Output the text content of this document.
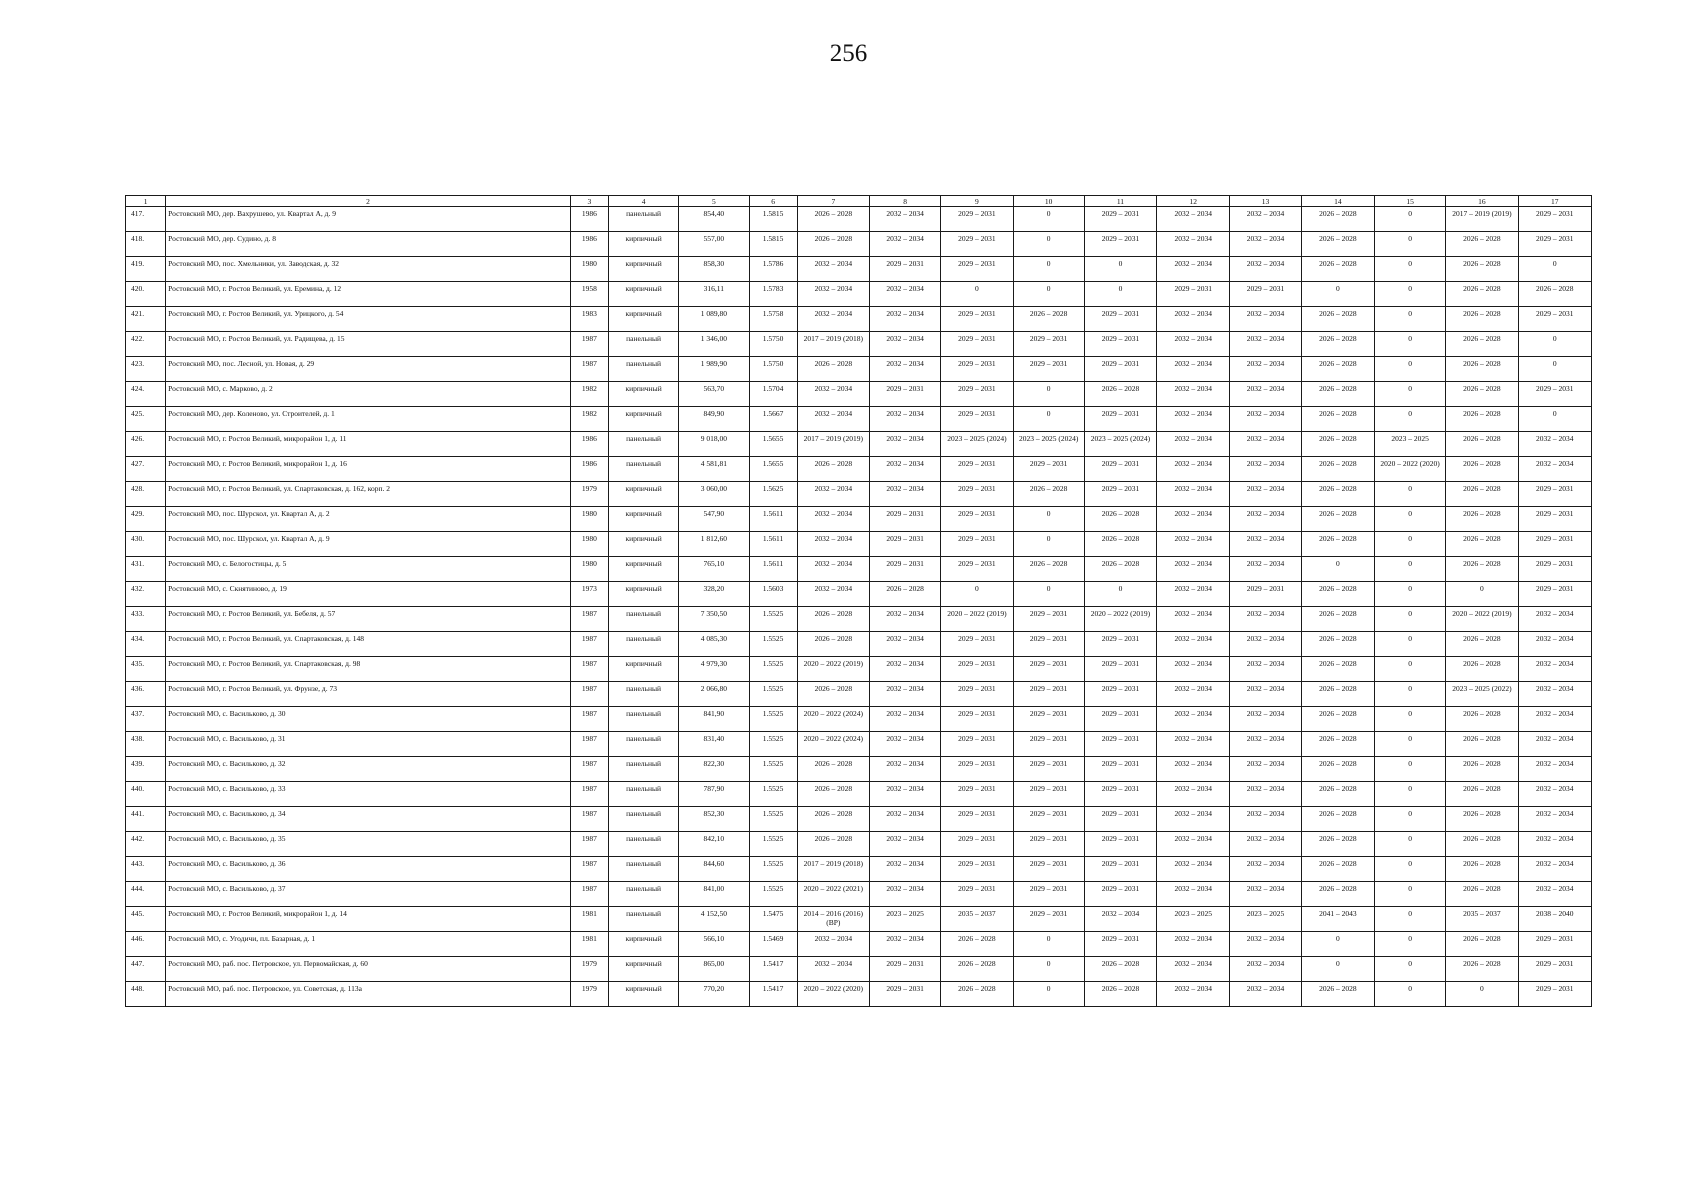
256
1	2	3	4	5	6	7	8	9	10	11	12	13	14	15	16	17
417.	Ростовский МО, дер. Вахрушево, ул. Квартал А, д. 9	1986	панельный	854,40	1.5815	2026 – 2028	2032 – 2034	2029 – 2031	0	2029 – 2031	2032 – 2034	2032 – 2034	2026 – 2028	0	2017 – 2019 (2019)	2029 – 2031
418.	Ростовский МО, дер. Судино, д. 8	1986	кирпичный	557,00	1.5815	2026 – 2028	2032 – 2034	2029 – 2031	0	2029 – 2031	2032 – 2034	2032 – 2034	2026 – 2028	0	2026 – 2028	2029 – 2031
419.	Ростовский МО, пос. Хмельники, ул. Заводская, д. 32	1980	кирпичный	858,30	1.5786	2032 – 2034	2029 – 2031	2029 – 2031	0	0	2032 – 2034	2032 – 2034	2026 – 2028	0	2026 – 2028	0
420.	Ростовский МО, г. Ростов Великий, ул. Еремина, д. 12	1958	кирпичный	316,11	1.5783	2032 – 2034	2032 – 2034	0	0	0	2029 – 2031	2029 – 2031	0	0	2026 – 2028	2026 – 2028
421.	Ростовский МО, г. Ростов Великий, ул. Урицкого, д. 54	1983	кирпичный	1 089,80	1.5758	2032 – 2034	2032 – 2034	2029 – 2031	2026 – 2028	2029 – 2031	2032 – 2034	2032 – 2034	2026 – 2028	0	2026 – 2028	2029 – 2031
422.	Ростовский МО, г. Ростов Великий, ул. Радищева, д. 15	1987	панельный	1 346,00	1.5750	2017 – 2019 (2018)	2032 – 2034	2029 – 2031	2029 – 2031	2029 – 2031	2032 – 2034	2032 – 2034	2026 – 2028	0	2026 – 2028	0
423.	Ростовский МО, пос. Лесной, ул. Новая, д. 29	1987	панельный	1 989,90	1.5750	2026 – 2028	2032 – 2034	2029 – 2031	2029 – 2031	2029 – 2031	2032 – 2034	2032 – 2034	2026 – 2028	0	2026 – 2028	0
424.	Ростовский МО, с. Марково, д. 2	1982	кирпичный	563,70	1.5704	2032 – 2034	2029 – 2031	2029 – 2031	0	2026 – 2028	2032 – 2034	2032 – 2034	2026 – 2028	0	2026 – 2028	2029 – 2031
425.	Ростовский МО, дер. Коленово, ул. Строителей, д. 1	1982	кирпичный	849,90	1.5667	2032 – 2034	2032 – 2034	2029 – 2031	0	2029 – 2031	2032 – 2034	2032 – 2034	2026 – 2028	0	2026 – 2028	0
426.	Ростовский МО, г. Ростов Великий, микрорайон 1, д. 11	1986	панельный	9 018,00	1.5655	2017 – 2019 (2019)	2032 – 2034	2023 – 2025 (2024)	2023 – 2025 (2024)	2023 – 2025 (2024)	2032 – 2034	2032 – 2034	2026 – 2028	2023 – 2025	2026 – 2028	2032 – 2034
427.	Ростовский МО, г. Ростов Великий, микрорайон 1, д. 16	1986	панельный	4 581,81	1.5655	2026 – 2028	2032 – 2034	2029 – 2031	2029 – 2031	2029 – 2031	2032 – 2034	2032 – 2034	2026 – 2028	2020 – 2022 (2020)	2026 – 2028	2032 – 2034
428.	Ростовский МО, г. Ростов Великий, ул. Спартаковская, д. 162, корп. 2	1979	кирпичный	3 060,00	1.5625	2032 – 2034	2032 – 2034	2029 – 2031	2026 – 2028	2029 – 2031	2032 – 2034	2032 – 2034	2026 – 2028	0	2026 – 2028	2029 – 2031
429.	Ростовский МО, пос. Шурскол, ул. Квартал А, д. 2	1980	кирпичный	547,90	1.5611	2032 – 2034	2029 – 2031	2029 – 2031	0	2026 – 2028	2032 – 2034	2032 – 2034	2026 – 2028	0	2026 – 2028	2029 – 2031
430.	Ростовский МО, пос. Шурскол, ул. Квартал А, д. 9	1980	кирпичный	1 812,60	1.5611	2032 – 2034	2029 – 2031	2029 – 2031	0	2026 – 2028	2032 – 2034	2032 – 2034	2026 – 2028	0	2026 – 2028	2029 – 2031
431.	Ростовский МО, с. Белогостицы, д. 5	1980	кирпичный	765,10	1.5611	2032 – 2034	2029 – 2031	2029 – 2031	2026 – 2028	2026 – 2028	2032 – 2034	2032 – 2034	0	0	2026 – 2028	2029 – 2031
432.	Ростовский МО, с. Скнятиново, д. 19	1973	кирпичный	328,20	1.5603	2032 – 2034	2026 – 2028	0	0	0	2032 – 2034	2029 – 2031	2026 – 2028	0	0	2029 – 2031
433.	Ростовский МО, г. Ростов Великий, ул. Бебеля, д. 57	1987	панельный	7 350,50	1.5525	2026 – 2028	2032 – 2034	2020 – 2022 (2019)	2029 – 2031	2020 – 2022 (2019)	2032 – 2034	2032 – 2034	2026 – 2028	0	2020 – 2022 (2019)	2032 – 2034
434.	Ростовский МО, г. Ростов Великий, ул. Спартаковская, д. 148	1987	панельный	4 085,30	1.5525	2026 – 2028	2032 – 2034	2029 – 2031	2029 – 2031	2029 – 2031	2032 – 2034	2032 – 2034	2026 – 2028	0	2026 – 2028	2032 – 2034
435.	Ростовский МО, г. Ростов Великий, ул. Спартаковская, д. 98	1987	кирпичный	4 979,30	1.5525	2020 – 2022 (2019)	2032 – 2034	2029 – 2031	2029 – 2031	2029 – 2031	2032 – 2034	2032 – 2034	2026 – 2028	0	2026 – 2028	2032 – 2034
436.	Ростовский МО, г. Ростов Великий, ул. Фрунзе, д. 73	1987	панельный	2 066,80	1.5525	2026 – 2028	2032 – 2034	2029 – 2031	2029 – 2031	2029 – 2031	2032 – 2034	2032 – 2034	2026 – 2028	0	2023 – 2025 (2022)	2032 – 2034
437.	Ростовский МО, с. Васильково, д. 30	1987	панельный	841,90	1.5525	2020 – 2022 (2024)	2032 – 2034	2029 – 2031	2029 – 2031	2029 – 2031	2032 – 2034	2032 – 2034	2026 – 2028	0	2026 – 2028	2032 – 2034
438.	Ростовский МО, с. Васильково, д. 31	1987	панельный	831,40	1.5525	2020 – 2022 (2024)	2032 – 2034	2029 – 2031	2029 – 2031	2029 – 2031	2032 – 2034	2032 – 2034	2026 – 2028	0	2026 – 2028	2032 – 2034
439.	Ростовский МО, с. Васильково, д. 32	1987	панельный	822,30	1.5525	2026 – 2028	2032 – 2034	2029 – 2031	2029 – 2031	2029 – 2031	2032 – 2034	2032 – 2034	2026 – 2028	0	2026 – 2028	2032 – 2034
440.	Ростовский МО, с. Васильково, д. 33	1987	панельный	787,90	1.5525	2026 – 2028	2032 – 2034	2029 – 2031	2029 – 2031	2029 – 2031	2032 – 2034	2032 – 2034	2026 – 2028	0	2026 – 2028	2032 – 2034
441.	Ростовский МО, с. Васильково, д. 34	1987	панельный	852,30	1.5525	2026 – 2028	2032 – 2034	2029 – 2031	2029 – 2031	2029 – 2031	2032 – 2034	2032 – 2034	2026 – 2028	0	2026 – 2028	2032 – 2034
442.	Ростовский МО, с. Васильково, д. 35	1987	панельный	842,10	1.5525	2026 – 2028	2032 – 2034	2029 – 2031	2029 – 2031	2029 – 2031	2032 – 2034	2032 – 2034	2026 – 2028	0	2026 – 2028	2032 – 2034
443.	Ростовский МО, с. Васильково, д. 36	1987	панельный	844,60	1.5525	2017 – 2019 (2018)	2032 – 2034	2029 – 2031	2029 – 2031	2029 – 2031	2032 – 2034	2032 – 2034	2026 – 2028	0	2026 – 2028	2032 – 2034
444.	Ростовский МО, с. Васильково, д. 37	1987	панельный	841,00	1.5525	2020 – 2022 (2021)	2032 – 2034	2029 – 2031	2029 – 2031	2029 – 2031	2032 – 2034	2032 – 2034	2026 – 2028	0	2026 – 2028	2032 – 2034
445.	Ростовский МО, г. Ростов Великий, микрорайон 1, д. 14	1981	панельный	4 152,50	1.5475	2014 – 2016 (2016) (ВР)	2023 – 2025	2035 – 2037	2029 – 2031	2032 – 2034	2023 – 2025	2023 – 2025	2041 – 2043	0	2035 – 2037	2038 – 2040
446.	Ростовский МО, с. Угодичи, пл. Базарная, д. 1	1981	кирпичный	566,10	1.5469	2032 – 2034	2032 – 2034	2026 – 2028	0	2029 – 2031	2032 – 2034	2032 – 2034	0	0	2026 – 2028	2029 – 2031
447.	Ростовский МО, раб. пос. Петровское, ул. Первомайская, д. 60	1979	кирпичный	865,00	1.5417	2032 – 2034	2029 – 2031	2026 – 2028	0	2026 – 2028	2032 – 2034	2032 – 2034	0	0	2026 – 2028	2029 – 2031
448.	Ростовский МО, раб. пос. Петровское, ул. Советская, д. 113а	1979	кирпичный	770,20	1.5417	2020 – 2022 (2020)	2029 – 2031	2026 – 2028	0	2026 – 2028	2032 – 2034	2032 – 2034	2026 – 2028	0	0	2029 – 2031
